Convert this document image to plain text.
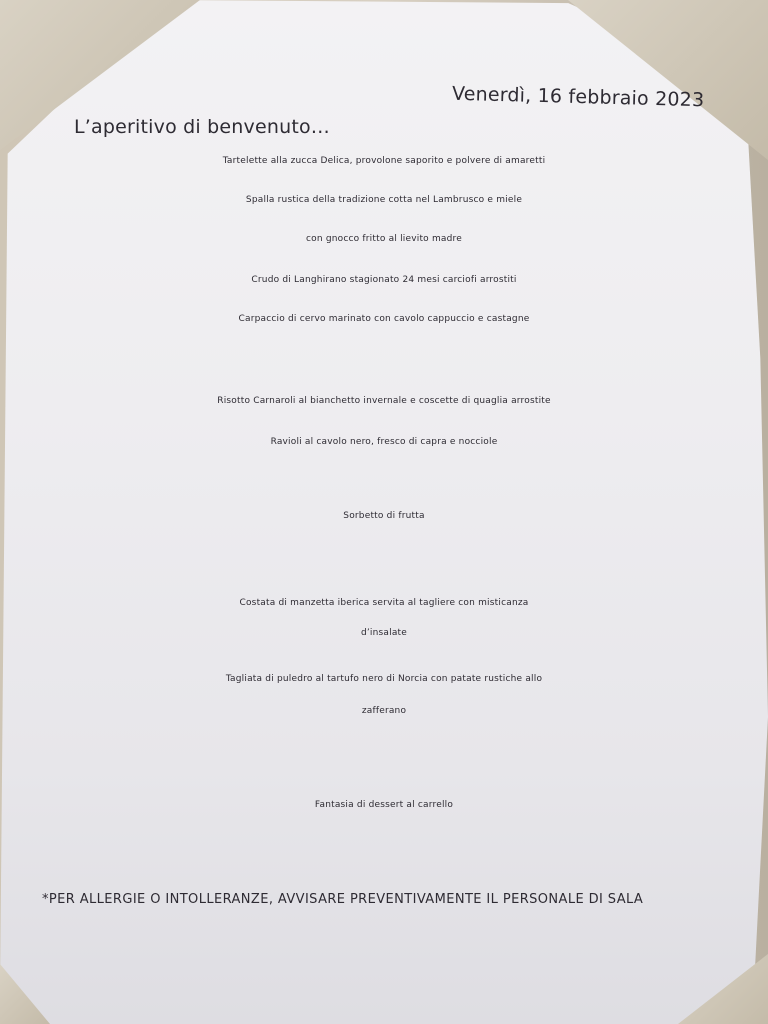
Venerdì, 16 febbraio 2023
L’aperitivo di benvenuto…
Tartelette alla zucca Delica, provolone saporito e polvere di amaretti
Spalla rustica della tradizione cotta nel Lambrusco e miele
con gnocco fritto al lievito madre
Crudo di Langhirano stagionato 24 mesi carciofi arrostiti
Carpaccio di cervo marinato con cavolo cappuccio e castagne
Risotto Carnaroli al bianchetto invernale e coscette di quaglia arrostite
Ravioli al cavolo nero, fresco di capra e nocciole
Sorbetto di frutta
Costata di manzetta iberica servita al tagliere con misticanza
d’insalate
Tagliata di puledro al tartufo nero di Norcia con patate rustiche allo
zafferano
Fantasia di dessert al carrello
*PER ALLERGIE O INTOLLERANZE, AVVISARE PREVENTIVAMENTE IL PERSONALE DI SALA
